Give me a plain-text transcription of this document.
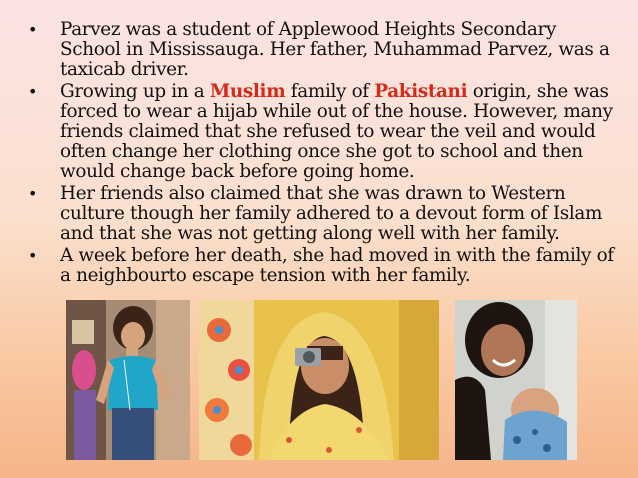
• Parvez was a student of Applewood Heights Secondary School in Mississauga. Her father, Muhammad Parvez, was a taxicab driver.
• Growing up in a Muslim family of Pakistani origin, she was forced to wear a hijab while out of the house. However, many friends claimed that she refused to wear the veil and would often change her clothing once she got to school and then would change back before going home.
• Her friends also claimed that she was drawn to Western culture though her family adhered to a devout form of Islam and that she was not getting along well with her family.
• A week before her death, she had moved in with the family of a neighbourto escape tension with her family.
